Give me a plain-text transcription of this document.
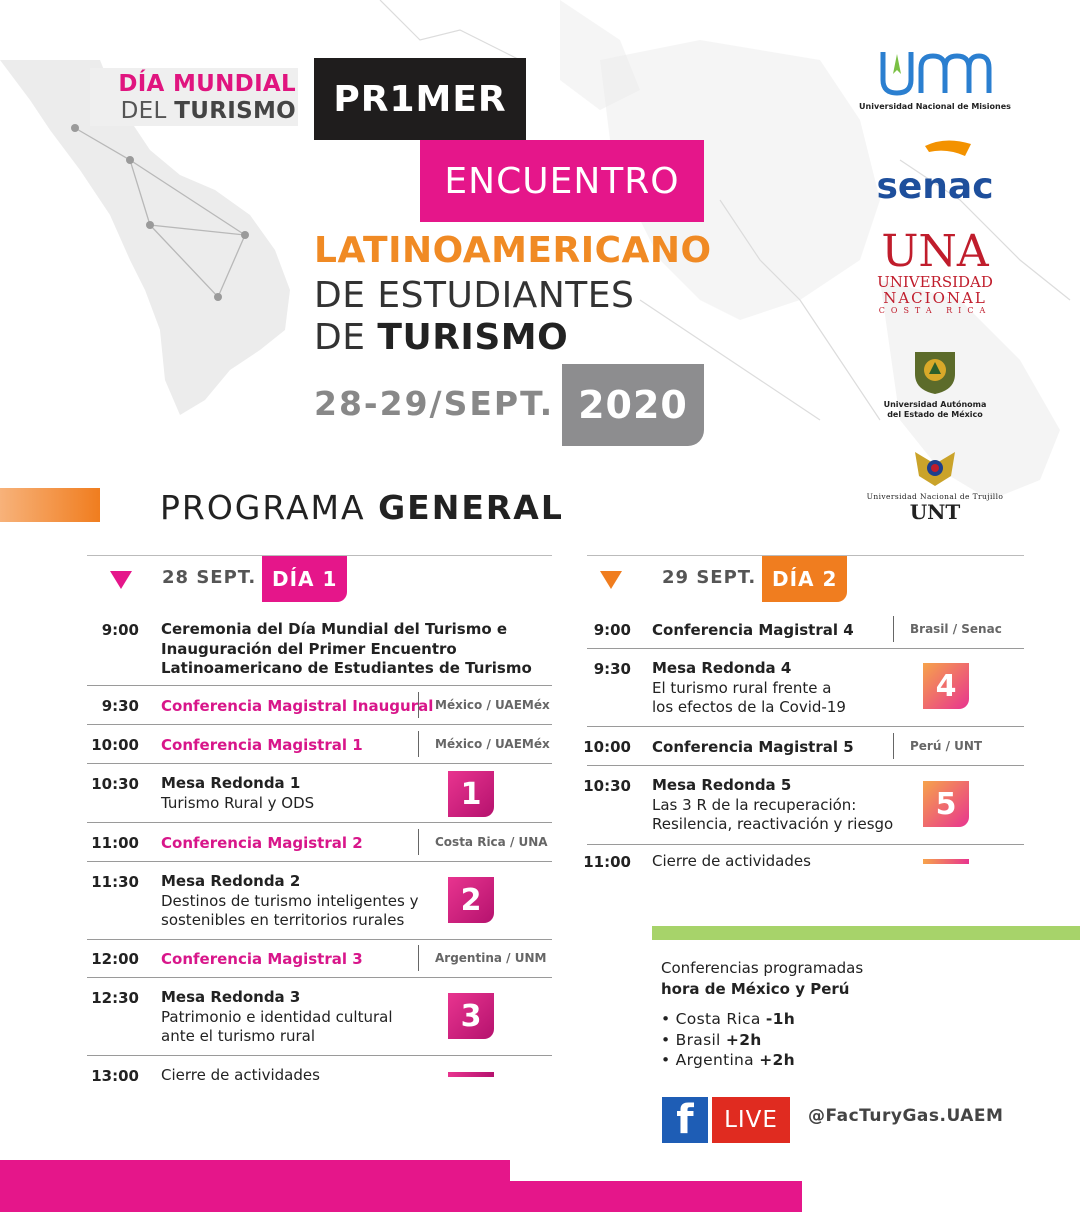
DÍA MUNDIAL
DEL TURISMO	PR1MER
ENCUENTRO
LATINOAMERICANO
DE ESTUDIANTES
DE TURISMO
28-29/SEPT. 2020
Universidad Nacional de Misiones
senac
UNA
UNIVERSIDAD
NACIONAL
COSTA RICA
Universidad Autónoma
del Estado de México
Universidad Nacional de Trujillo
UNT
PROGRAMA GENERAL
28 SEPT. DÍA 1
9:00 Ceremonia del Día Mundial del Turismo e Inauguración del Primer Encuentro Latinoamericano de Estudiantes de Turismo
9:30 Conferencia Magistral Inaugural México / UAEMéx
10:00 Conferencia Magistral 1	México / UAEMéx
10:30 Mesa Redonda 1
Turismo Rural y ODS	1
11:00 Conferencia Magistral 2	Costa Rica / UNA
11:30 Mesa Redonda 2
Destinos de turismo inteligentes y sostenibles en territorios rurales
2
12:00 Conferencia Magistral 3	Argentina / UNM
12:30 Mesa Redonda 3
Patrimonio e identidad cultural ante el turismo rural
3
13:00 Cierre de actividades
29 SEPT. DÍA 2
9:00 Conferencia Magistral 4	Brasil / Senac
9:30 Mesa Redonda 4
El turismo rural frente a los efectos de la Covid-19
4
10:00 Conferencia Magistral 5	Perú / UNT
10:30 Mesa Redonda 5
Las 3 R de la recuperación: Resilencia, reactivación y riesgo
5
11:00 Cierre de actividades
Conferencias programadas
hora de México y Perú
• Costa Rica -1h
• Brasil +2h
• Argentina +2h
f	LIVE	@FacTuryGas.UAEM
